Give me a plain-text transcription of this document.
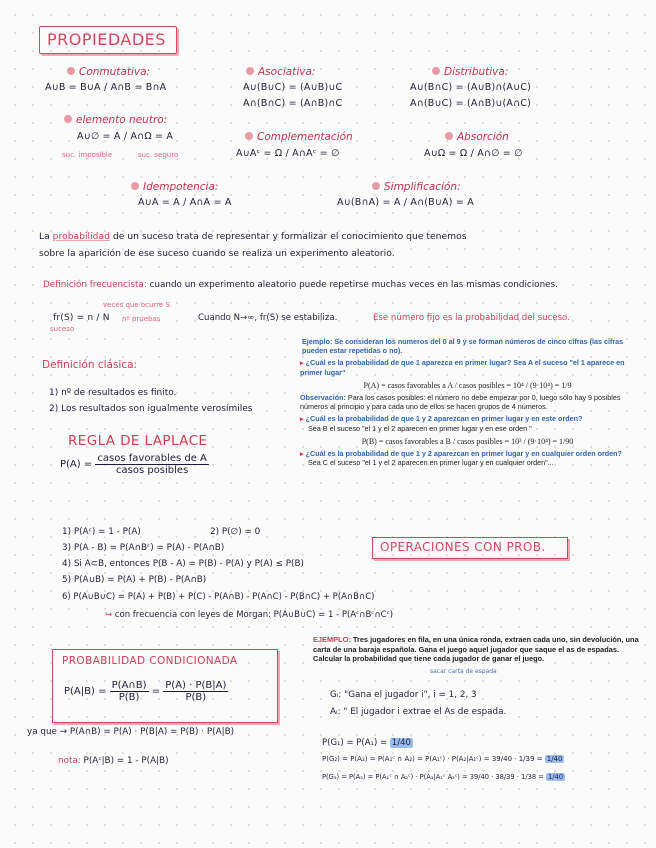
PROPIEDADES
Conmutativa:
A∪B = B∪A / A∩B = B∩A
Asociativa:
A∪(B∪C) = (A∪B)∪C
A∩(B∩C) = (A∩B)∩C
Distributiva:
A∪(B∩C) = (A∪B)∩(A∪C)
A∩(B∪C) = (A∩B)∪(A∩C)
elemento neutro:
A∪∅ = A / A∩Ω = A
suc. imposible	suc. seguro
Complementación
A∪Aᶜ = Ω / A∩Aᶜ = ∅
Absorción
A∪Ω = Ω / A∩∅ = ∅
Idempotencia:
A∪A = A / A∩A = A
Simplificación:
A∪(B∩A) = A / A∩(B∪A) = A
La probabilidad de un suceso trata de representar y formalizar el conocimiento que tenemos
sobre la aparición de ese suceso cuando se realiza un experimento aleatorio.
Definición frecuencista: cuando un experimento aleatorio puede repetirse muchas veces en las mismas condiciones.
veces que ocurre S
fr(S) = n / N nº pruebas
suceso
Cuando N→∞, fr(S) se estabiliza.	Ese número fijo es la probabilidad del suceso.
Definición clásica:
1) nº de resultados es finito.
2) Los resultados son igualmente verosímiles
REGLA DE LAPLACE
$P(A) = \frac{\text{casos favorables de A}}{\text{casos posibles}}$
Ejemplo: Se consideran los numeros del 0 al 9 y se forman números de cinco cifras (las cifras pueden estar repetidas o no).
▸ ¿Cuál es la probabilidad de que 1 aparezca en primer lugar? Sea A el suceso "el 1 aparece en primer lugar"
P(A) = casos favorables a A / casos posibles = 10⁴ / (9·10⁴) = 1/9
Observación: Para los casos posibles: el número no debe empezar por 0, luego sólo hay 9 posibles números al principio y para cada uno de ellos se hacen grupos de 4 números.
▸ ¿Cuál es la probabilidad de que 1 y 2 aparezcan en primer lugar y en este orden?
Sea B el suceso "el 1 y el 2 aparecen en primer lugar y en ese orden "
P(B) = casos favorables a B / casos posibles = 10³ / (9·10⁴) = 1/90
▸ ¿Cuál es la probabilidad de que 1 y 2 aparezcan en primer lugar y en cualquier orden orden?
Sea C el suceso "el 1 y el 2 aparecen en primer lugar y en cualquier orden"...
OPERACIONES CON PROB.
1) P(Aᶜ) = 1 - P(A)	2) P(∅) = 0
3) P(A - B) = P(A∩Bᶜ) = P(A) - P(A∩B)
4) Si A⊂B, entonces P(B - A) = P(B) - P(A) y P(A) ≤ P(B)
5) P(A∪B) = P(A) + P(B) - P(A∩B)
6) P(A∪B∪C) = P(A) + P(B) + P(C) - P(A∩B) - P(A∩C) - P(B∩C) + P(A∩B∩C)
↪ con frecuencia con leyes de Morgan: P(A∪B∪C) = 1 - P(Aᶜ∩Bᶜ∩Cᶜ)
PROBABILIDAD CONDICIONADA
$P(A|B) = \frac{P(A\cap B)}{P(B)} = \frac{P(A) \cdot P(B|A)}{P(B)}$
ya que → P(A∩B) = P(A) · P(B|A) = P(B) · P(A|B)
nota: P(Aᶜ|B) = 1 - P(A|B)
EJEMPLO: Tres jugadores en fila, en una única ronda, extraen cada uno, sin devolución, una carta de una baraja española. Gana el juego aquel jugador que saque el as de espadas. Calcular la probabilidad que tiene cada jugador de ganar el juego.
sacar carta de espada
Gᵢ: "Gana el jugador i", i = 1, 2, 3
Aᵢ: " El jugador i extrae el As de espada.
P(G₁) = P(A₁) = 1/40
P(G₂) = P(A₂) = P(A₁ᶜ ∩ A₂) = P(A₁ᶜ) · P(A₂|A₁ᶜ) = 39/40 · 1/39 = 1/40
P(G₃) = P(A₃) = P(A₁ᶜ ∩ A₂ᶜ) · P(A₃|A₁ᶜ A₂ᶜ) = 39/40 · 38/39 · 1/38 = 1/40
